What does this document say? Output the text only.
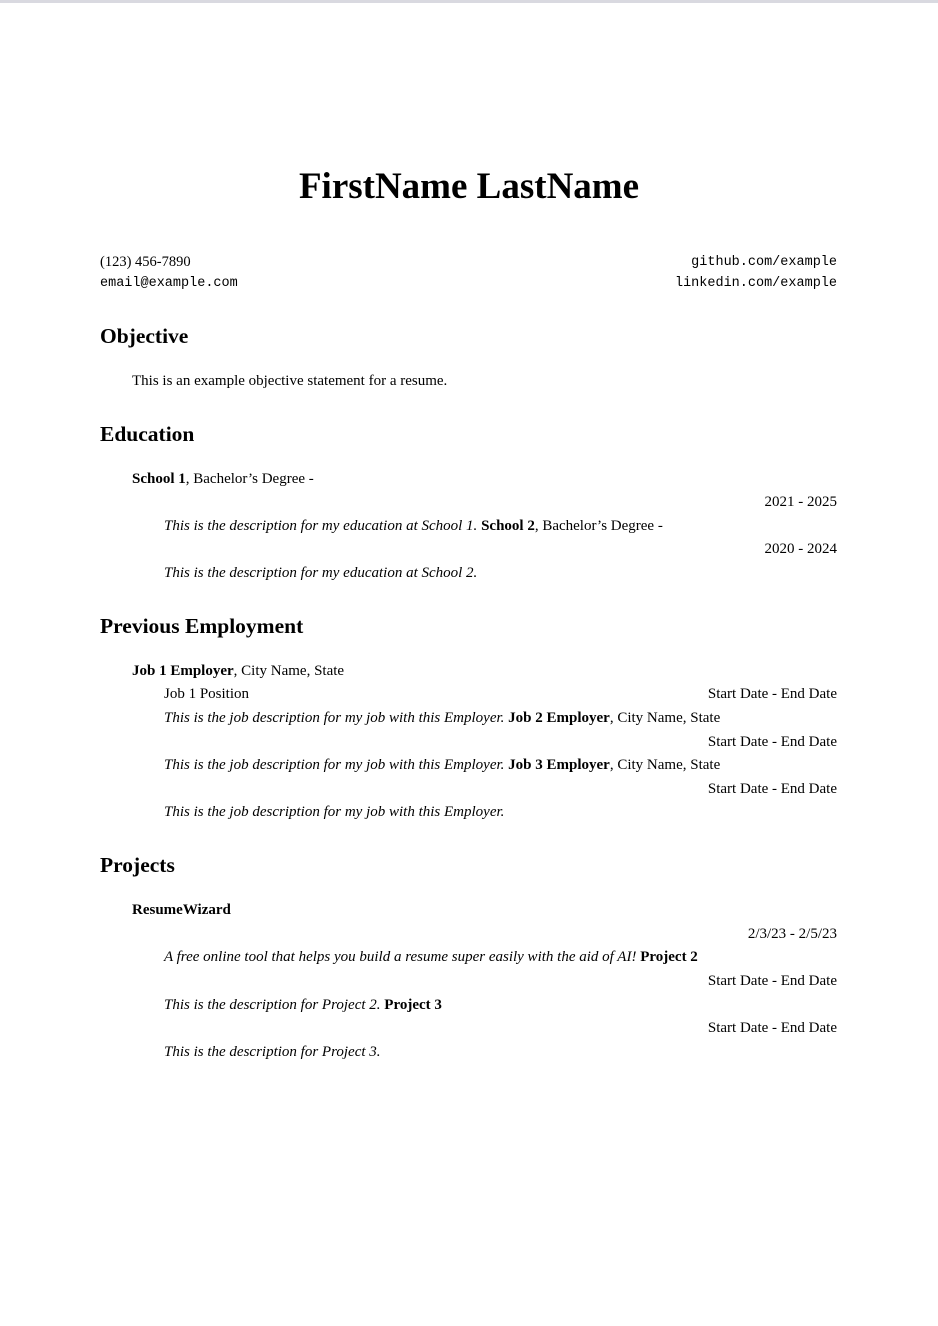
FirstName LastName
(123) 456-7890
email@example.com
github.com/example
linkedin.com/example
Objective
This is an example objective statement for a resume.
Education
School 1, Bachelor’s Degree -
2021 - 2025
This is the description for my education at School 1. School 2, Bachelor’s Degree -
2020 - 2024
This is the description for my education at School 2.
Previous Employment
Job 1 Employer, City Name, State
Job 1 Position	Start Date - End Date
This is the job description for my job with this Employer. Job 2 Employer, City Name, State
Start Date - End Date
This is the job description for my job with this Employer. Job 3 Employer, City Name, State
Start Date - End Date
This is the job description for my job with this Employer.
Projects
ResumeWizard
2/3/23 - 2/5/23
A free online tool that helps you build a resume super easily with the aid of AI! Project 2
Start Date - End Date
This is the description for Project 2. Project 3
Start Date - End Date
This is the description for Project 3.
